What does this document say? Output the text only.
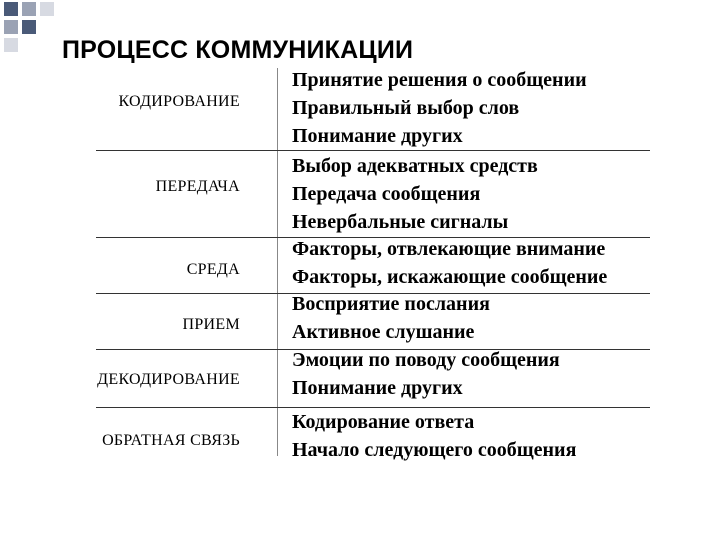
ПРОЦЕСС КОММУНИКАЦИИ
КОДИРОВАНИЕ
ПЕРЕДАЧА
СРЕДА
ПРИЕМ
ДЕКОДИРОВАНИЕ
ОБРАТНАЯ СВЯЗЬ
Принятие решения о сообщении
Правильный выбор слов
Понимание других
Выбор адекватных средств
Передача сообщения
Невербальные сигналы
Факторы, отвлекающие внимание
Факторы, искажающие сообщение
Восприятие послания
Активное слушание
Эмоции по поводу сообщения
Понимание других
Кодирование ответа
Начало следующего сообщения
